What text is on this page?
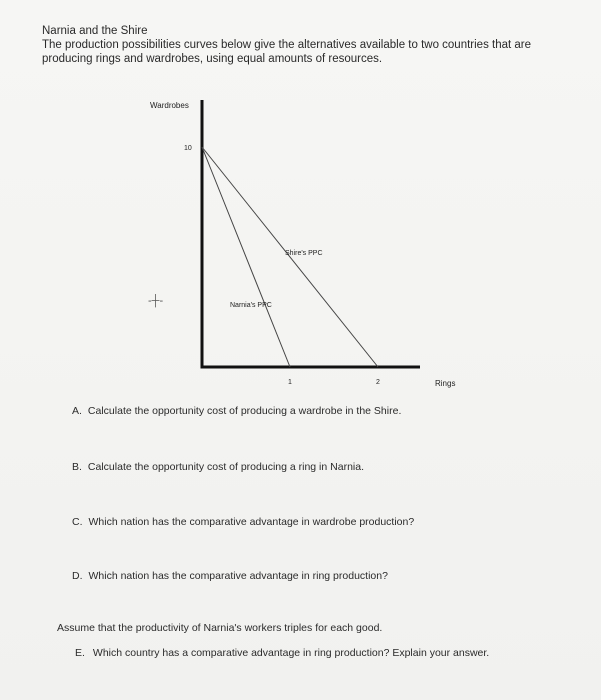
Narnia and the Shire
The production possibilities curves below give the alternatives available to two countries that are
producing rings and wardrobes, using equal amounts of resources.
Wardrobes
Rings
1	2
10
Narnia's PPC
Shire's PPC
-┼-
A. Calculate the opportunity cost of producing a wardrobe in the Shire.
B. Calculate the opportunity cost of producing a ring in Narnia.
C. Which nation has the comparative advantage in wardrobe production?
D. Which nation has the comparative advantage in ring production?
Assume that the productivity of Narnia's workers triples for each good.
E. Which country has a comparative advantage in ring production? Explain your answer.
